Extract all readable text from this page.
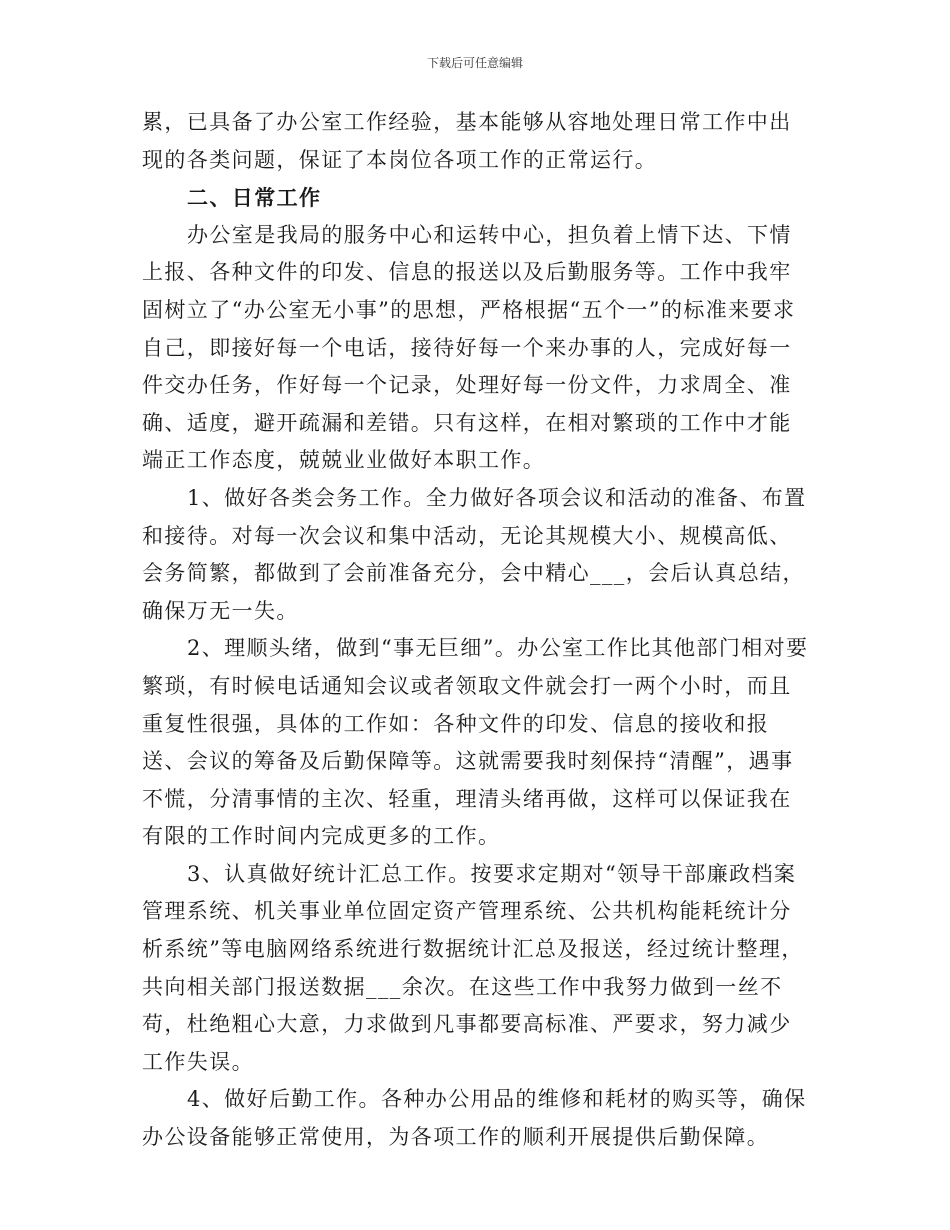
下载后可任意编辑

累，已具备了办公室工作经验，基本能够从容地处理日常工作中出现的各类问题，保证了本岗位各项工作的正常运行。

二、日常工作

办公室是我局的服务中心和运转中心，担负着上情下达、下情上报、各种文件的印发、信息的报送以及后勤服务等。工作中我牢固树立了“办公室无小事”的思想，严格根据“五个一”的标准来要求自己，即接好每一个电话，接待好每一个来办事的人，完成好每一件交办任务，作好每一个记录，处理好每一份文件，力求周全、准确、适度，避开疏漏和差错。只有这样，在相对繁琐的工作中才能端正工作态度，兢兢业业做好本职工作。

1、做好各类会务工作。全力做好各项会议和活动的准备、布置和接待。对每一次会议和集中活动，无论其规模大小、规模高低、会务简繁，都做到了会前准备充分，会中精心___，会后认真总结，确保万无一失。

2、理顺头绪，做到“事无巨细”。办公室工作比其他部门相对要繁琐，有时候电话通知会议或者领取文件就会打一两个小时，而且重复性很强，具体的工作如：各种文件的印发、信息的接收和报送、会议的筹备及后勤保障等。这就需要我时刻保持“清醒”，遇事不慌，分清事情的主次、轻重，理清头绪再做，这样可以保证我在有限的工作时间内完成更多的工作。

3、认真做好统计汇总工作。按要求定期对“领导干部廉政档案管理系统、机关事业单位固定资产管理系统、公共机构能耗统计分析系统”等电脑网络系统进行数据统计汇总及报送，经过统计整理，共向相关部门报送数据___余次。在这些工作中我努力做到一丝不苟，杜绝粗心大意，力求做到凡事都要高标准、严要求，努力减少工作失误。

4、做好后勤工作。各种办公用品的维修和耗材的购买等，确保办公设备能够正常使用，为各项工作的顺利开展提供后勤保障。
